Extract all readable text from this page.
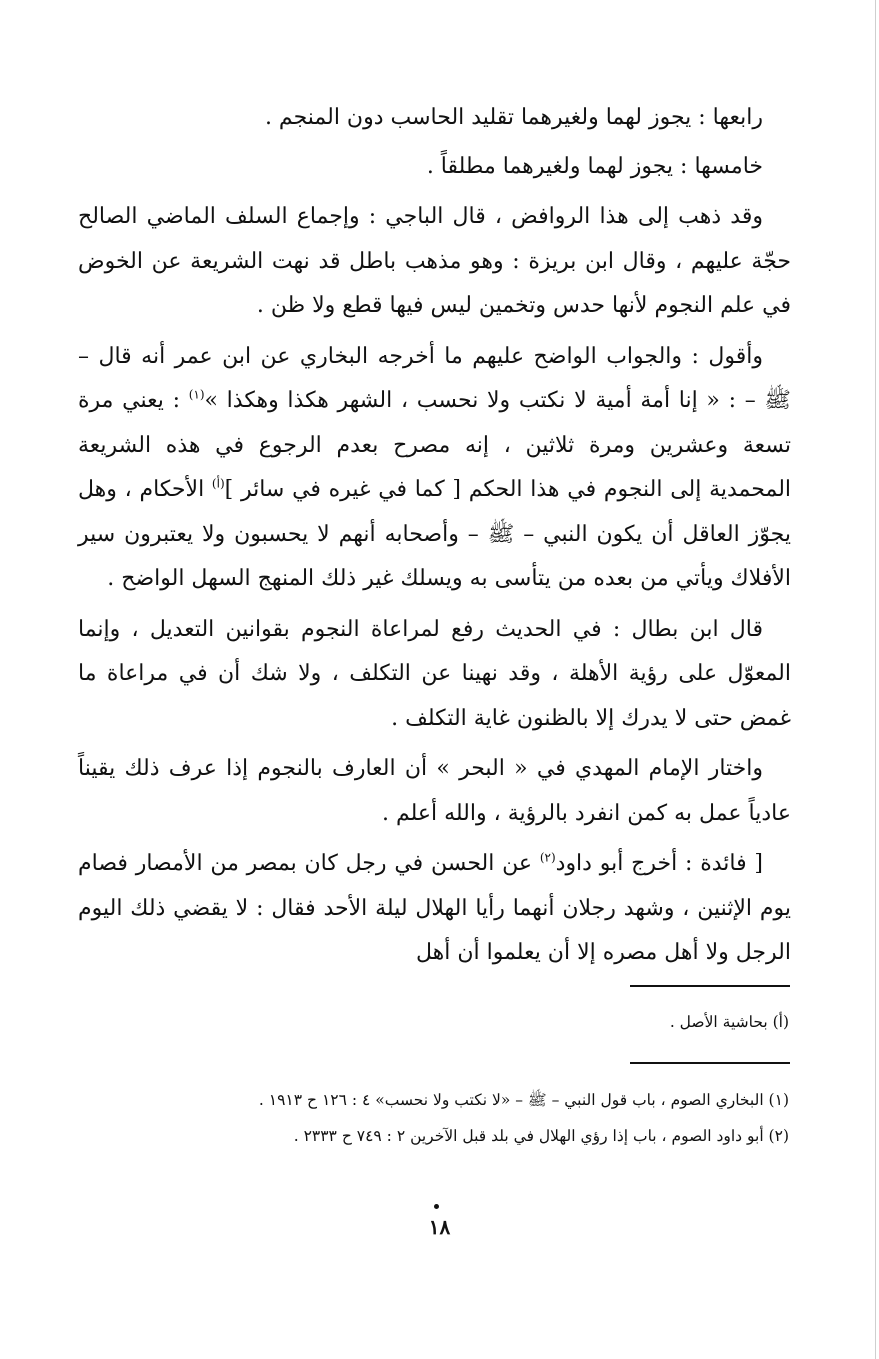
رابعها : يجوز لهما ولغيرهما تقليد الحاسب دون المنجم .

خامسها : يجوز لهما ولغيرهما مطلقاً .

وقد ذهب إلى هذا الروافض ، قال الباجي : وإجماع السلف الماضي الصالح حجّة عليهم ، وقال ابن بريزة : وهو مذهب باطل قد نهت الشريعة عن الخوض في علم النجوم لأنها حدس وتخمين ليس فيها قطع ولا ظن .

وأقول : والجواب الواضح عليهم ما أخرجه البخاري عن ابن عمر أنه قال – ﷺ – : « إنا أمة أمية لا نكتب ولا نحسب ، الشهر هكذا وهكذا »$^{(١)}$ : يعني مرة تسعة وعشرين ومرة ثلاثين ، إنه مصرح بعدم الرجوع في هذه الشريعة المحمدية إلى النجوم في هذا الحكم [ كما في غيره في سائر ]$^{(أ)}$ الأحكام ، وهل يجوّز العاقل أن يكون النبي – ﷺ – وأصحابه أنهم لا يحسبون ولا يعتبرون سير الأفلاك ويأتي من بعده من يتأسى به ويسلك غير ذلك المنهج السهل الواضح .

قال ابن بطال : في الحديث رفع لمراعاة النجوم بقوانين التعديل ، وإنما المعوّل على رؤية الأهلة ، وقد نهينا عن التكلف ، ولا شك أن في مراعاة ما غمض حتى لا يدرك إلا بالظنون غاية التكلف .

واختار الإمام المهدي في « البحر » أن العارف بالنجوم إذا عرف ذلك يقيناً عادياً عمل به كمن انفرد بالرؤية ، والله أعلم .

[ فائدة : أخرج أبو داود$^{(٢)}$ عن الحسن في رجل كان بمصر من الأمصار فصام يوم الإثنين ، وشهد رجلان أنهما رأيا الهلال ليلة الأحد فقال : لا يقضي ذلك اليوم الرجل ولا أهل مصره إلا أن يعلموا أن أهل

(أ) بحاشية الأصل .
(١) البخاري الصوم ، باب قول النبي – ﷺ – «لا نكتب ولا نحسب» ٤ : ١٢٦ ح ١٩١٣ .
(٢) أبو داود الصوم ، باب إذا رؤي الهلال في بلد قبل الآخرين ٢ : ٧٤٩ ح ٢٣٣٣ .
١٨
